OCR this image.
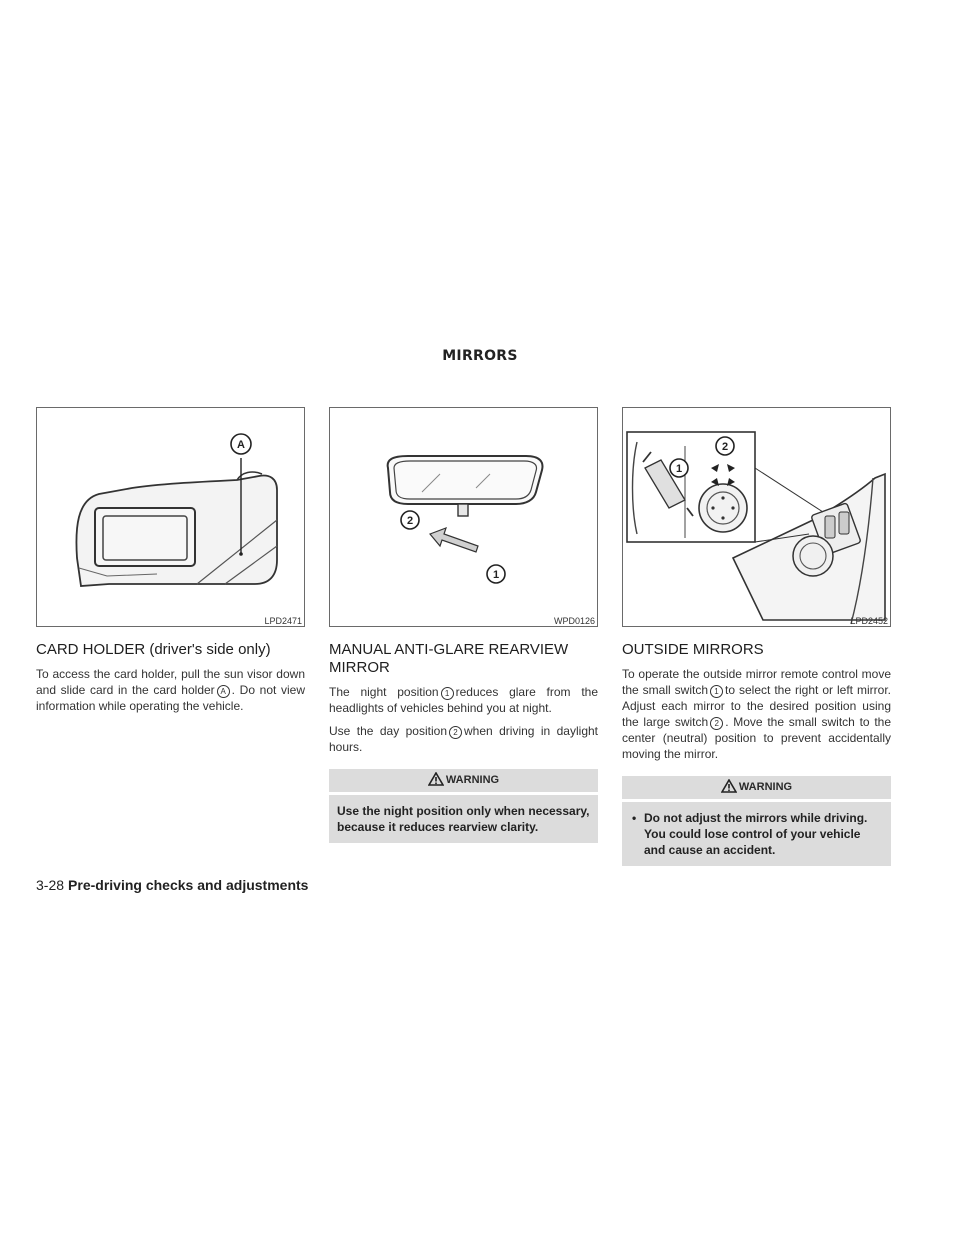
MIRRORS
A
LPD2471
CARD HOLDER (driver's side only)

To access the card holder, pull the sun visor down and slide card in the card holder A . Do not view information while operating the vehicle.

2
1
WPD0126
MANUAL ANTI-GLARE REARVIEW MIRROR

The night position 1 reduces glare from the headlights of vehicles behind you at night.

Use the day position 2 when driving in daylight hours.

WARNING
Use the night position only when necessary, because it reduces rearview clarity.
1
2
LPD2452
OUTSIDE MIRRORS

To operate the outside mirror remote control move the small switch 1 to select the right or left mirror. Adjust each mirror to the desired position using the large switch 2 . Move the small switch to the center (neutral) position to prevent accidentally moving the mirror.

WARNING
• Do not adjust the mirrors while driving. You could lose control of your vehicle and cause an accident.
3-28 Pre-driving checks and adjustments
